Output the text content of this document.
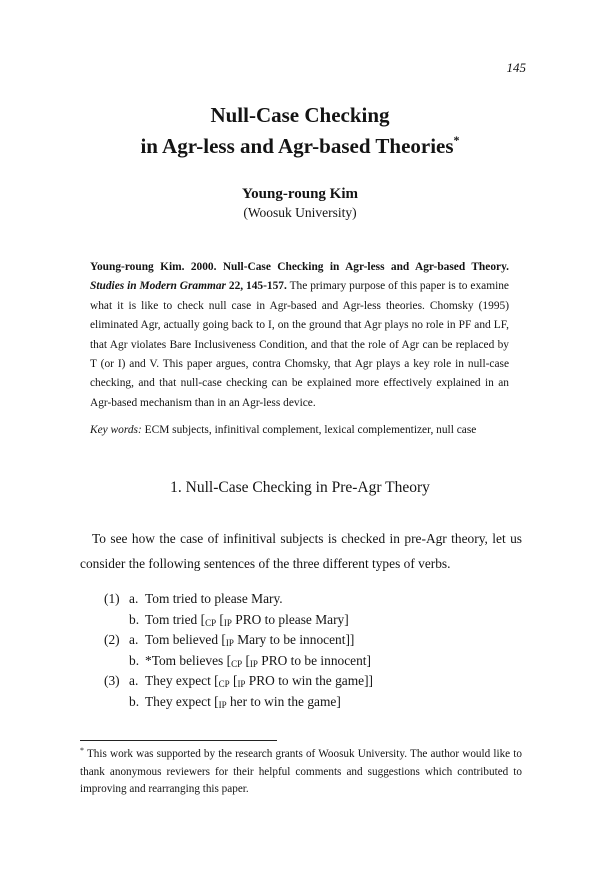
145
Null-Case Checking
in Agr-less and Agr-based Theories*
Young-roung Kim
(Woosuk University)
Young-roung Kim. 2000. Null-Case Checking in Agr-less and Agr-based Theory. Studies in Modern Grammar 22, 145-157. The primary purpose of this paper is to examine what it is like to check null case in Agr-based and Agr-less theories. Chomsky (1995) eliminated Agr, actually going back to I, on the ground that Agr plays no role in PF and LF, that Agr violates Bare Inclusiveness Condition, and that the role of Agr can be replaced by T (or I) and V. This paper argues, contra Chomsky, that Agr plays a key role in null-case checking, and that null-case checking can be explained more effectively explained in an Agr-based mechanism than in an Agr-less device.
Key words: ECM subjects, infinitival complement, lexical complementizer, null case
1. Null-Case Checking in Pre-Agr Theory
To see how the case of infinitival subjects is checked in pre-Agr theory, let us consider the following sentences of the three different types of verbs.
(1) a. Tom tried to please Mary.
b. Tom tried [$_{CP}$ [$_{IP}$ PRO to please Mary]
(2) a. Tom believed [$_{IP}$ Mary to be innocent]]
b. *Tom believes [$_{CP}$ [$_{IP}$ PRO to be innocent]
(3) a. They expect [$_{CP}$ [$_{IP}$ PRO to win the game]]
b. They expect [$_{IP}$ her to win the game]
* This work was supported by the research grants of Woosuk University. The author would like to thank anonymous reviewers for their helpful comments and suggestions which contributed to improving and rearranging this paper.
